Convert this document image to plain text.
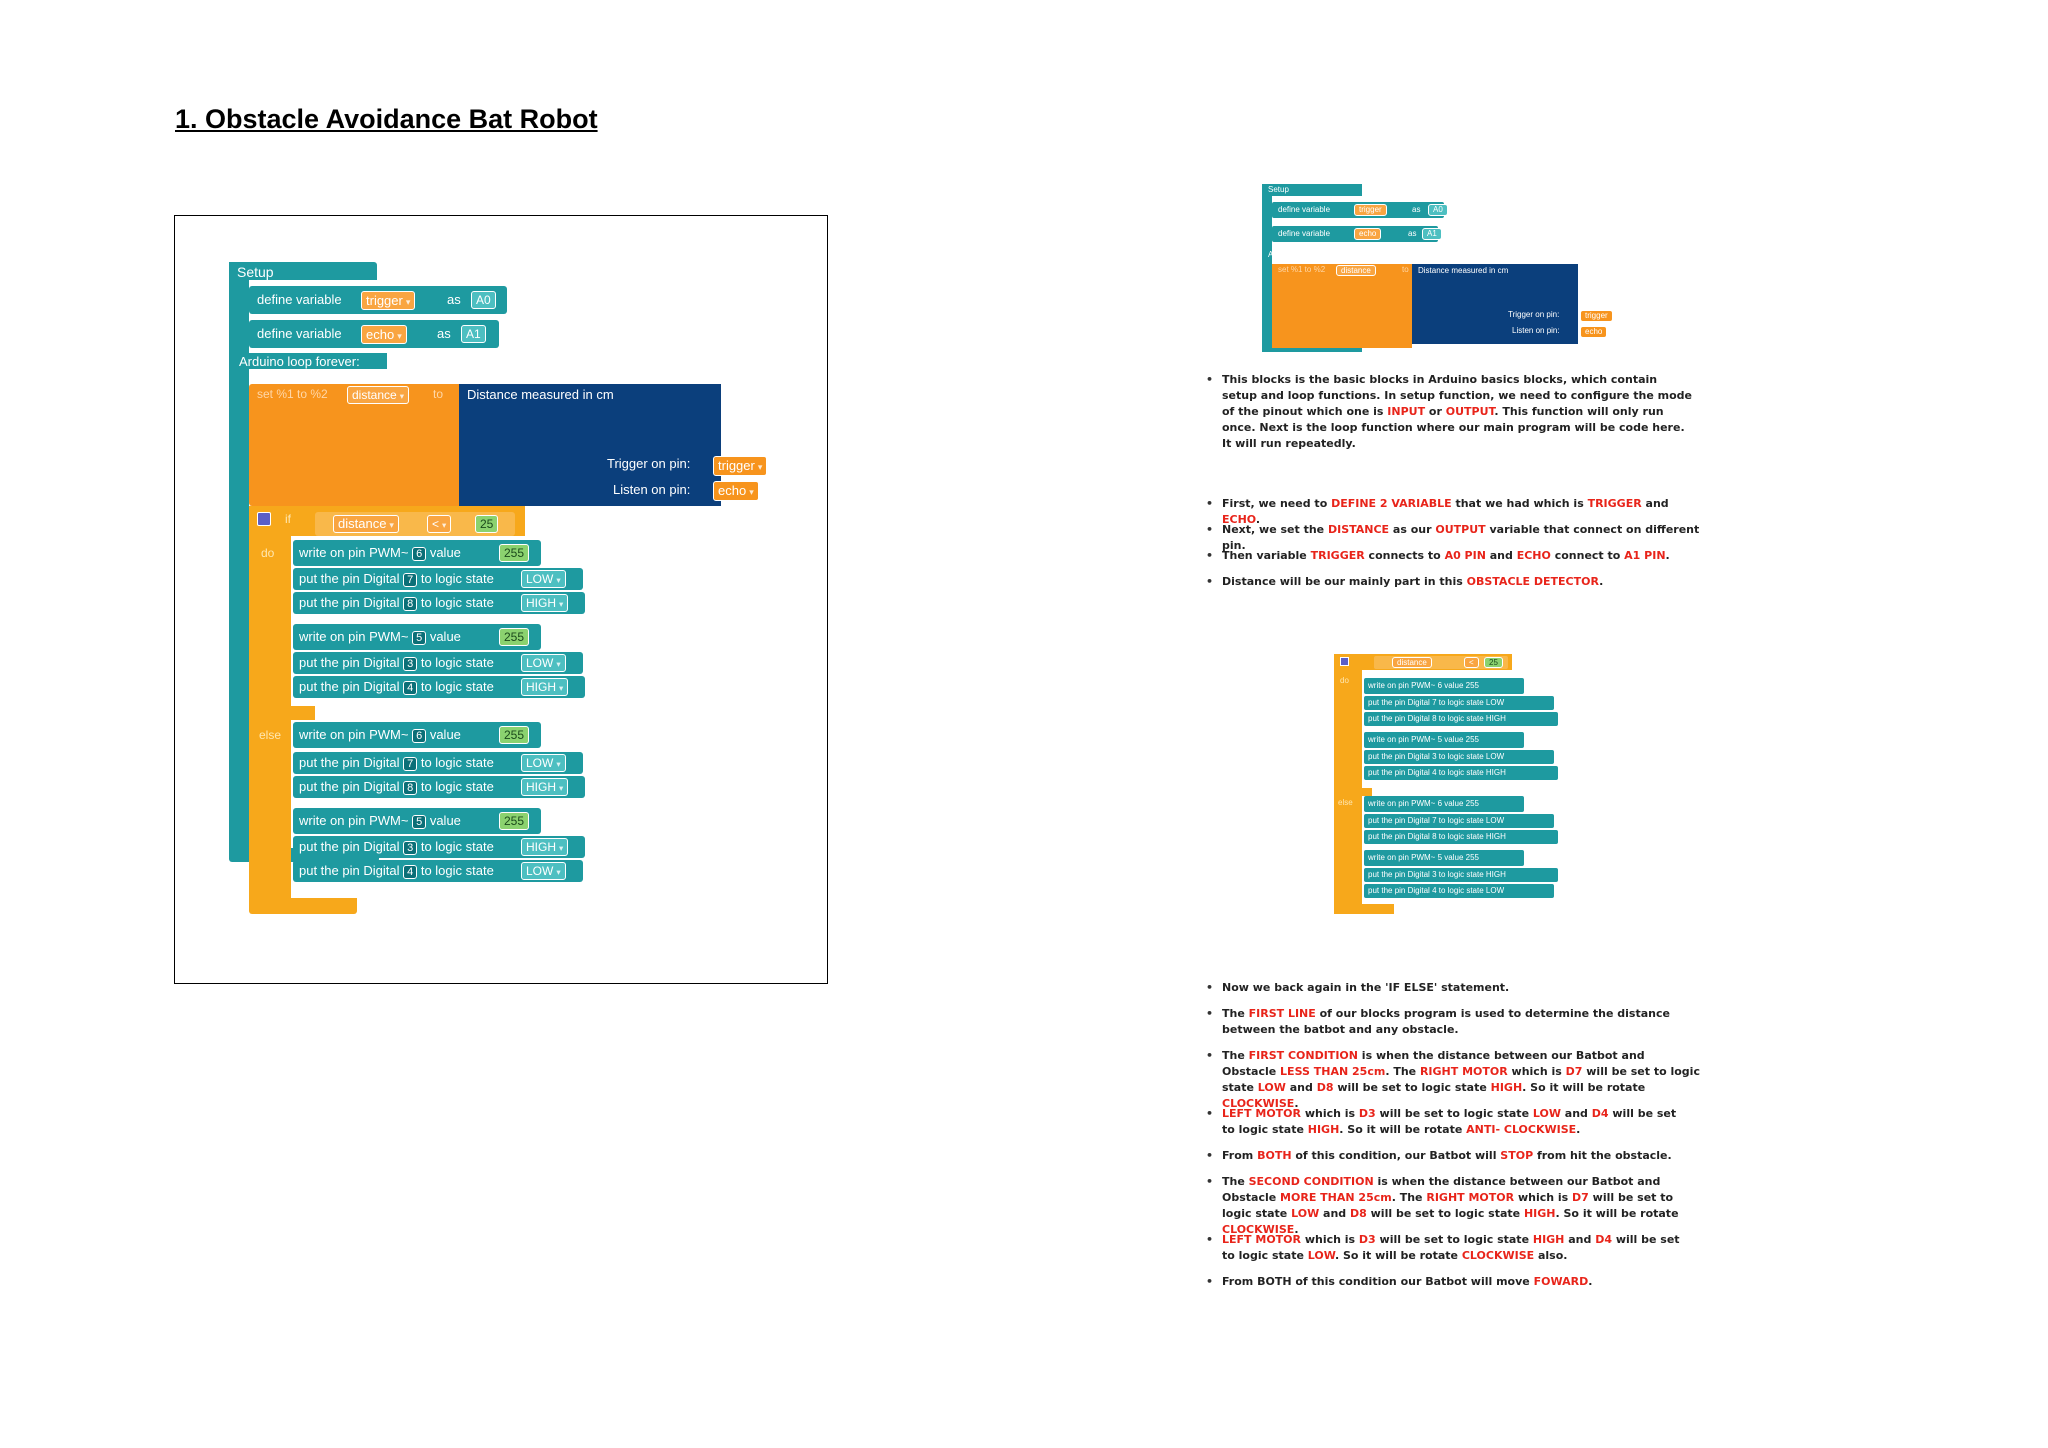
1. Obstacle Avoidance Bat Robot
Setup
define variable	trigger ▾	as	A0
define variable	echo ▾	as	A1
Arduino loop forever:
set %1 to %2	distance ▾	to Distance measured in cm
Trigger on pin:
Listen on pin:
trigger ▾
echo ▾
if	distance ▾	< ▾	25
do
else
write on pin PWM~ 6 value	255
put the pin Digital 7 to logic state	LOW ▾
put the pin Digital 8 to logic state	HIGH ▾
write on pin PWM~ 5 value	255
put the pin Digital 3 to logic state	LOW ▾
put the pin Digital 4 to logic state	HIGH ▾
write on pin PWM~ 6 value	255
put the pin Digital 7 to logic state	LOW ▾
put the pin Digital 8 to logic state	HIGH ▾
write on pin PWM~ 5 value	255
put the pin Digital 3 to logic state	HIGH ▾
put the pin Digital 4 to logic state	LOW ▾
Setup
define variable	trigger	as	A0
define variable	echo	as	A1
Arduino loop forever:
set %1 to %2	distance	to Distance measured in cm
Trigger on pin:
Listen on pin:
trigger
echo
• This blocks is the basic blocks in Arduino basics blocks, which contain setup and loop functions. In setup function, we need to configure the mode of the pinout which one is INPUT or OUTPUT. This function will only run once. Next is the loop function where our main program will be code here. It will run repeatedly.
• First, we need to DEFINE 2 VARIABLE that we had which is TRIGGER and ECHO.
• Next, we set the DISTANCE as our OUTPUT variable that connect on different pin.
• Then variable TRIGGER connects to A0 PIN and ECHO connect to A1 PIN.
• Distance will be our mainly part in this OBSTACLE DETECTOR.
distance	<	25
do
else
write on pin PWM~ 6 value 255
put the pin Digital 7 to logic state LOW
put the pin Digital 8 to logic state HIGH
write on pin PWM~ 5 value 255
put the pin Digital 3 to logic state LOW
put the pin Digital 4 to logic state HIGH
write on pin PWM~ 6 value 255
put the pin Digital 7 to logic state LOW
put the pin Digital 8 to logic state HIGH
write on pin PWM~ 5 value 255
put the pin Digital 3 to logic state HIGH
put the pin Digital 4 to logic state LOW
• Now we back again in the 'IF ELSE' statement.
• The FIRST LINE of our blocks program is used to determine the distance between the batbot and any obstacle.
• The FIRST CONDITION is when the distance between our Batbot and Obstacle LESS THAN 25cm. The RIGHT MOTOR which is D7 will be set to logic state LOW and D8 will be set to logic state HIGH. So it will be rotate CLOCKWISE.
• LEFT MOTOR which is D3 will be set to logic state LOW and D4 will be set to logic state HIGH. So it will be rotate ANTI- CLOCKWISE.
• From BOTH of this condition, our Batbot will STOP from hit the obstacle.
• The SECOND CONDITION is when the distance between our Batbot and Obstacle MORE THAN 25cm. The RIGHT MOTOR which is D7 will be set to logic state LOW and D8 will be set to logic state HIGH. So it will be rotate CLOCKWISE.
• LEFT MOTOR which is D3 will be set to logic state HIGH and D4 will be set to logic state LOW. So it will be rotate CLOCKWISE also.
• From BOTH of this condition our Batbot will move FOWARD.
